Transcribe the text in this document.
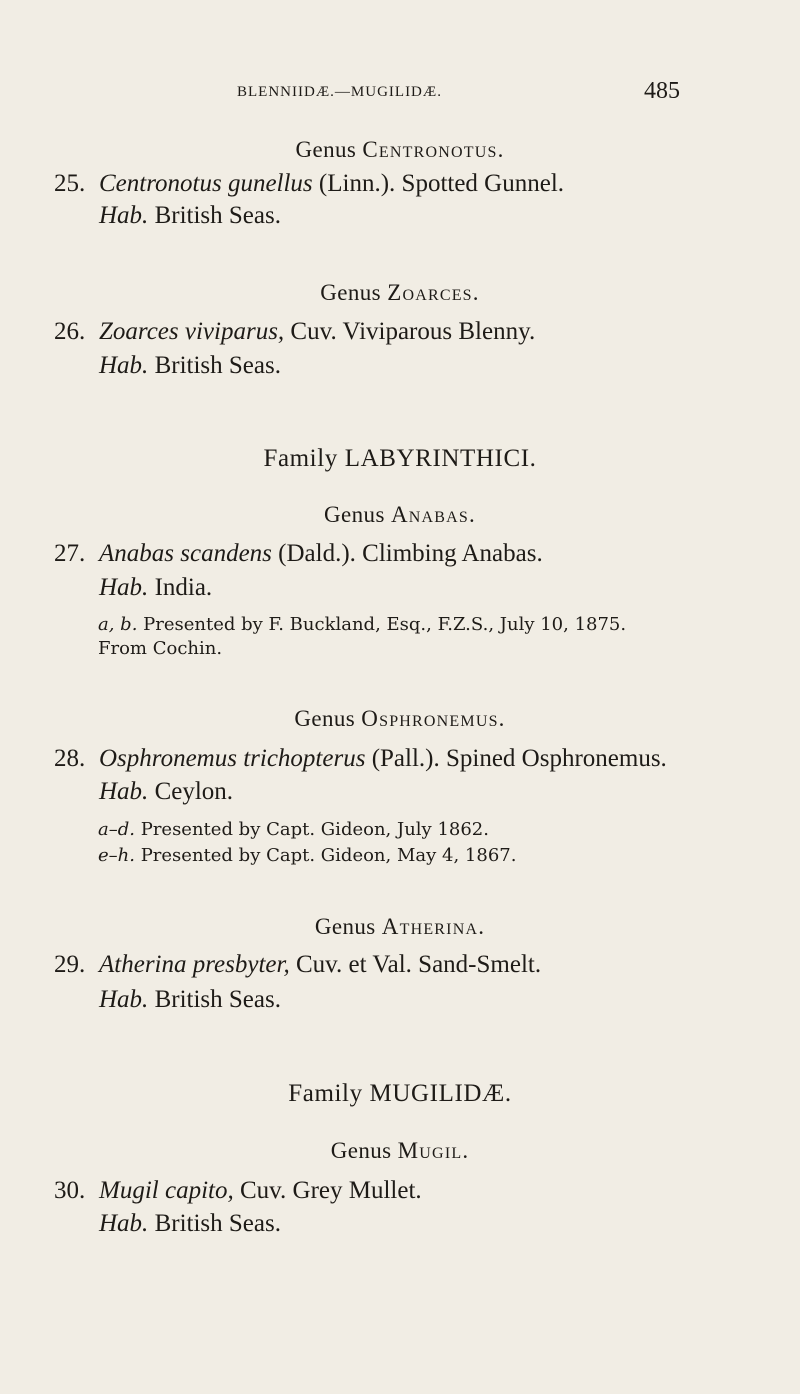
BLENNIIDÆ.—MUGILIDÆ.	485
Genus Centronotus.
25. Centronotus gunellus (Linn.). Spotted Gunnel.
Hab. British Seas.
Genus Zoarces.
26. Zoarces viviparus, Cuv. Viviparous Blenny.
Hab. British Seas.
Family LABYRINTHICI.
Genus Anabas.
27. Anabas scandens (Dald.). Climbing Anabas.
Hab. India.
a, b. Presented by F. Buckland, Esq., F.Z.S., July 10, 1875.
From Cochin.
Genus Osphronemus.
28. Osphronemus trichopterus (Pall.). Spined Osphronemus.
Hab. Ceylon.
a–d. Presented by Capt. Gideon, July 1862.
e–h. Presented by Capt. Gideon, May 4, 1867.
Genus Atherina.
29. Atherina presbyter, Cuv. et Val. Sand-Smelt.
Hab. British Seas.
Family MUGILIDÆ.
Genus Mugil.
30. Mugil capito, Cuv. Grey Mullet.
Hab. British Seas.
